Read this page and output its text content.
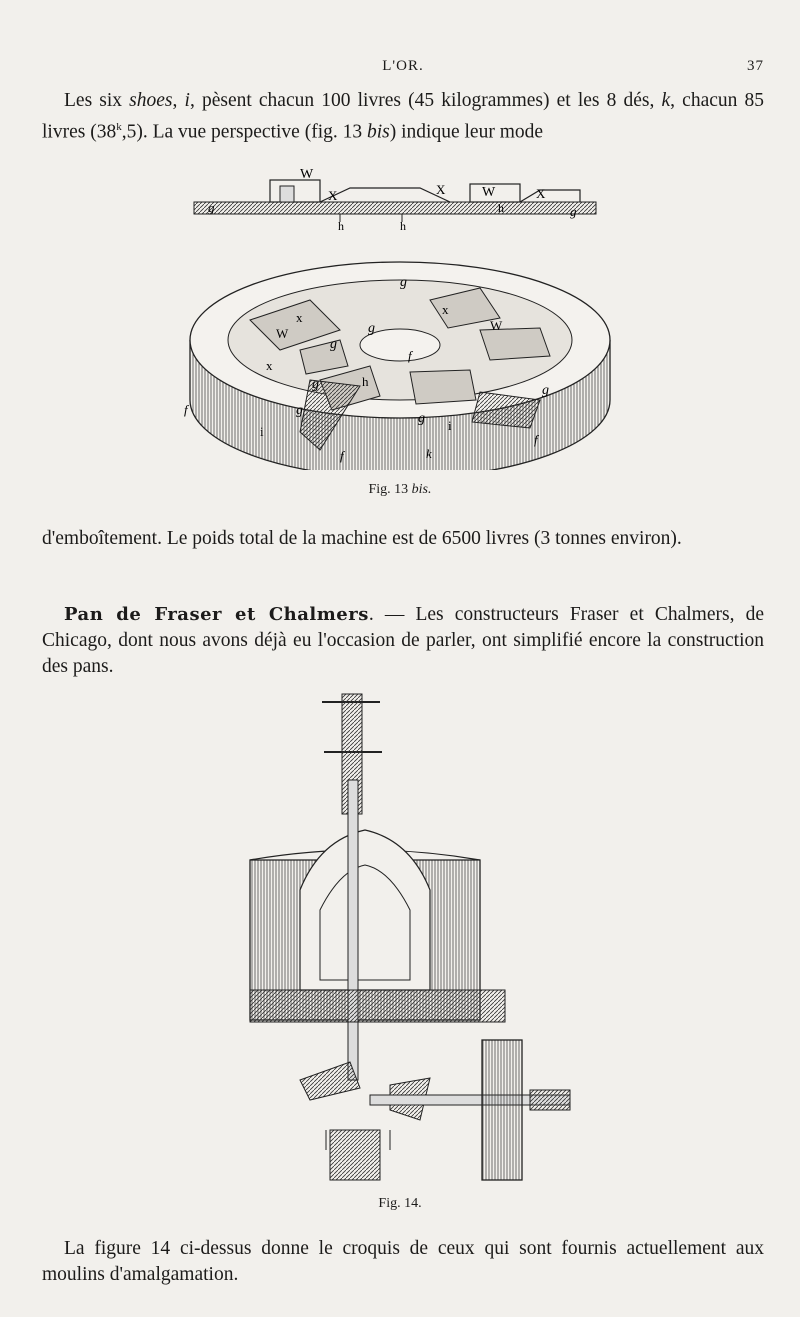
L'OR.	37

Les six shoes, i, pèsent chacun 100 livres (45 kilogrammes) et les 8 dés, k, chacun 85 livres (38$^k$,5). La vue perspective (fig. 13 bis) indique leur mode

W
X	X	W	X
g	g
h	h
h
g
x
W
x
W
g
g
f
x
g	h
g
g
f
g
i	i
f
f
k
Fig. 13 bis.

d'emboîtement. Le poids total de la machine est de 6500 livres (3 tonnes environ).

Pan de Fraser et Chalmers. — Les constructeurs Fraser et Chalmers, de Chicago, dont nous avons déjà eu l'occasion de parler, ont simplifié encore la construction des pans.

Fig. 14.

La figure 14 ci-dessus donne le croquis de ceux qui sont fournis actuellement aux moulins d'amalgamation.
